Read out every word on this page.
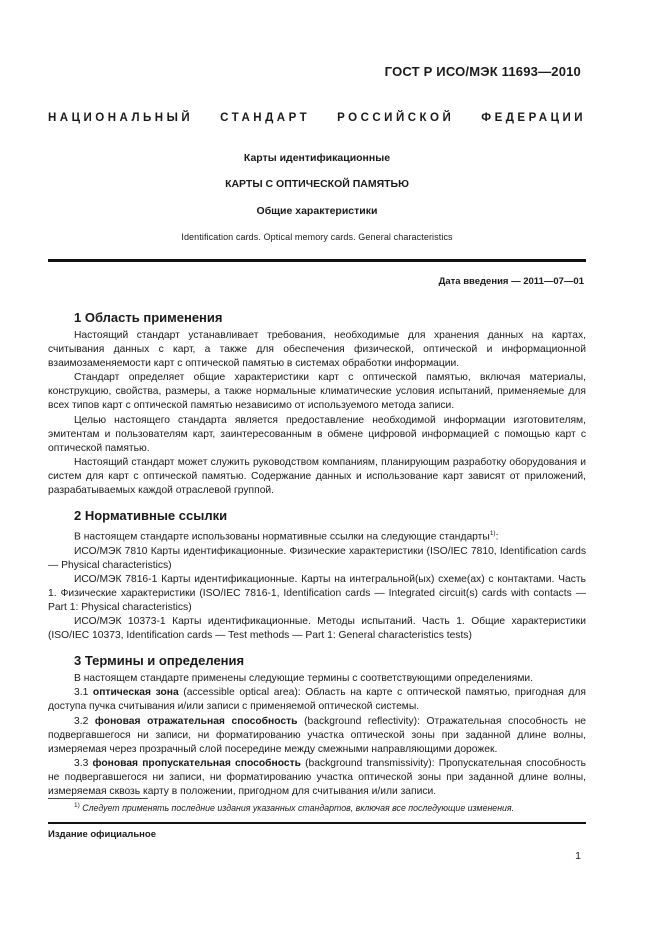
ГОСТ Р ИСО/МЭК 11693—2010
НАЦИОНАЛЬНЫЙ СТАНДАРТ РОССИЙСКОЙ ФЕДЕРАЦИИ
Карты идентификационные
КАРТЫ С ОПТИЧЕСКОЙ ПАМЯТЬЮ
Общие характеристики
Identification cards. Optical memory cards. General characteristics
Дата введения — 2011—07—01
1 Область применения

Настоящий стандарт устанавливает требования, необходимые для хранения данных на картах, считывания данных с карт, а также для обеспечения физической, оптической и информационной взаимозаменяемости карт с оптической памятью в системах обработки информации.

Стандарт определяет общие характеристики карт с оптической памятью, включая материалы, конструкцию, свойства, размеры, а также нормальные климатические условия испытаний, применяемые для всех типов карт с оптической памятью независимо от используемого метода записи.

Целью настоящего стандарта является предоставление необходимой информации изготовителям, эмитентам и пользователям карт, заинтересованным в обмене цифровой информацией с помощью карт с оптической памятью.

Настоящий стандарт может служить руководством компаниям, планирующим разработку оборудования и систем для карт с оптической памятью. Содержание данных и использование карт зависят от приложений, разрабатываемых каждой отраслевой группой.

2 Нормативные ссылки

В настоящем стандарте использованы нормативные ссылки на следующие стандарты$^{1)}$:

ИСО/МЭК 7810 Карты идентификационные. Физические характеристики (ISO/IEC 7810, Identification cards — Physical characteristics)

ИСО/МЭК 7816-1 Карты идентификационные. Карты на интегральной(ых) схеме(ах) с контактами. Часть 1. Физические характеристики (ISO/IEC 7816-1, Identification cards — Integrated circuit(s) cards with contacts — Part 1: Physical characteristics)

ИСО/МЭК 10373-1 Карты идентификационные. Методы испытаний. Часть 1. Общие характеристики (ISO/IEC 10373, Identification cards — Test methods — Part 1: General characteristics tests)

3 Термины и определения

В настоящем стандарте применены следующие термины с соответствующими определениями.

3.1 оптическая зона (accessible optical area): Область на карте с оптической памятью, пригодная для доступа пучка считывания и/или записи с применяемой оптической системы.

3.2 фоновая отражательная способность (background reflectivity): Отражательная способность не подвергавшегося ни записи, ни форматированию участка оптической зоны при заданной длине волны, измеряемая через прозрачный слой посередине между смежными направляющими дорожек.

3.3 фоновая пропускательная способность (background transmissivity): Пропускательная способность не подвергавшегося ни записи, ни форматированию участка оптической зоны при заданной длине волны, измеряемая сквозь карту в положении, пригодном для считывания и/или записи.

$^{1)}$ Следует применять последние издания указанных стандартов, включая все последующие изменения.
Издание официальное
1
